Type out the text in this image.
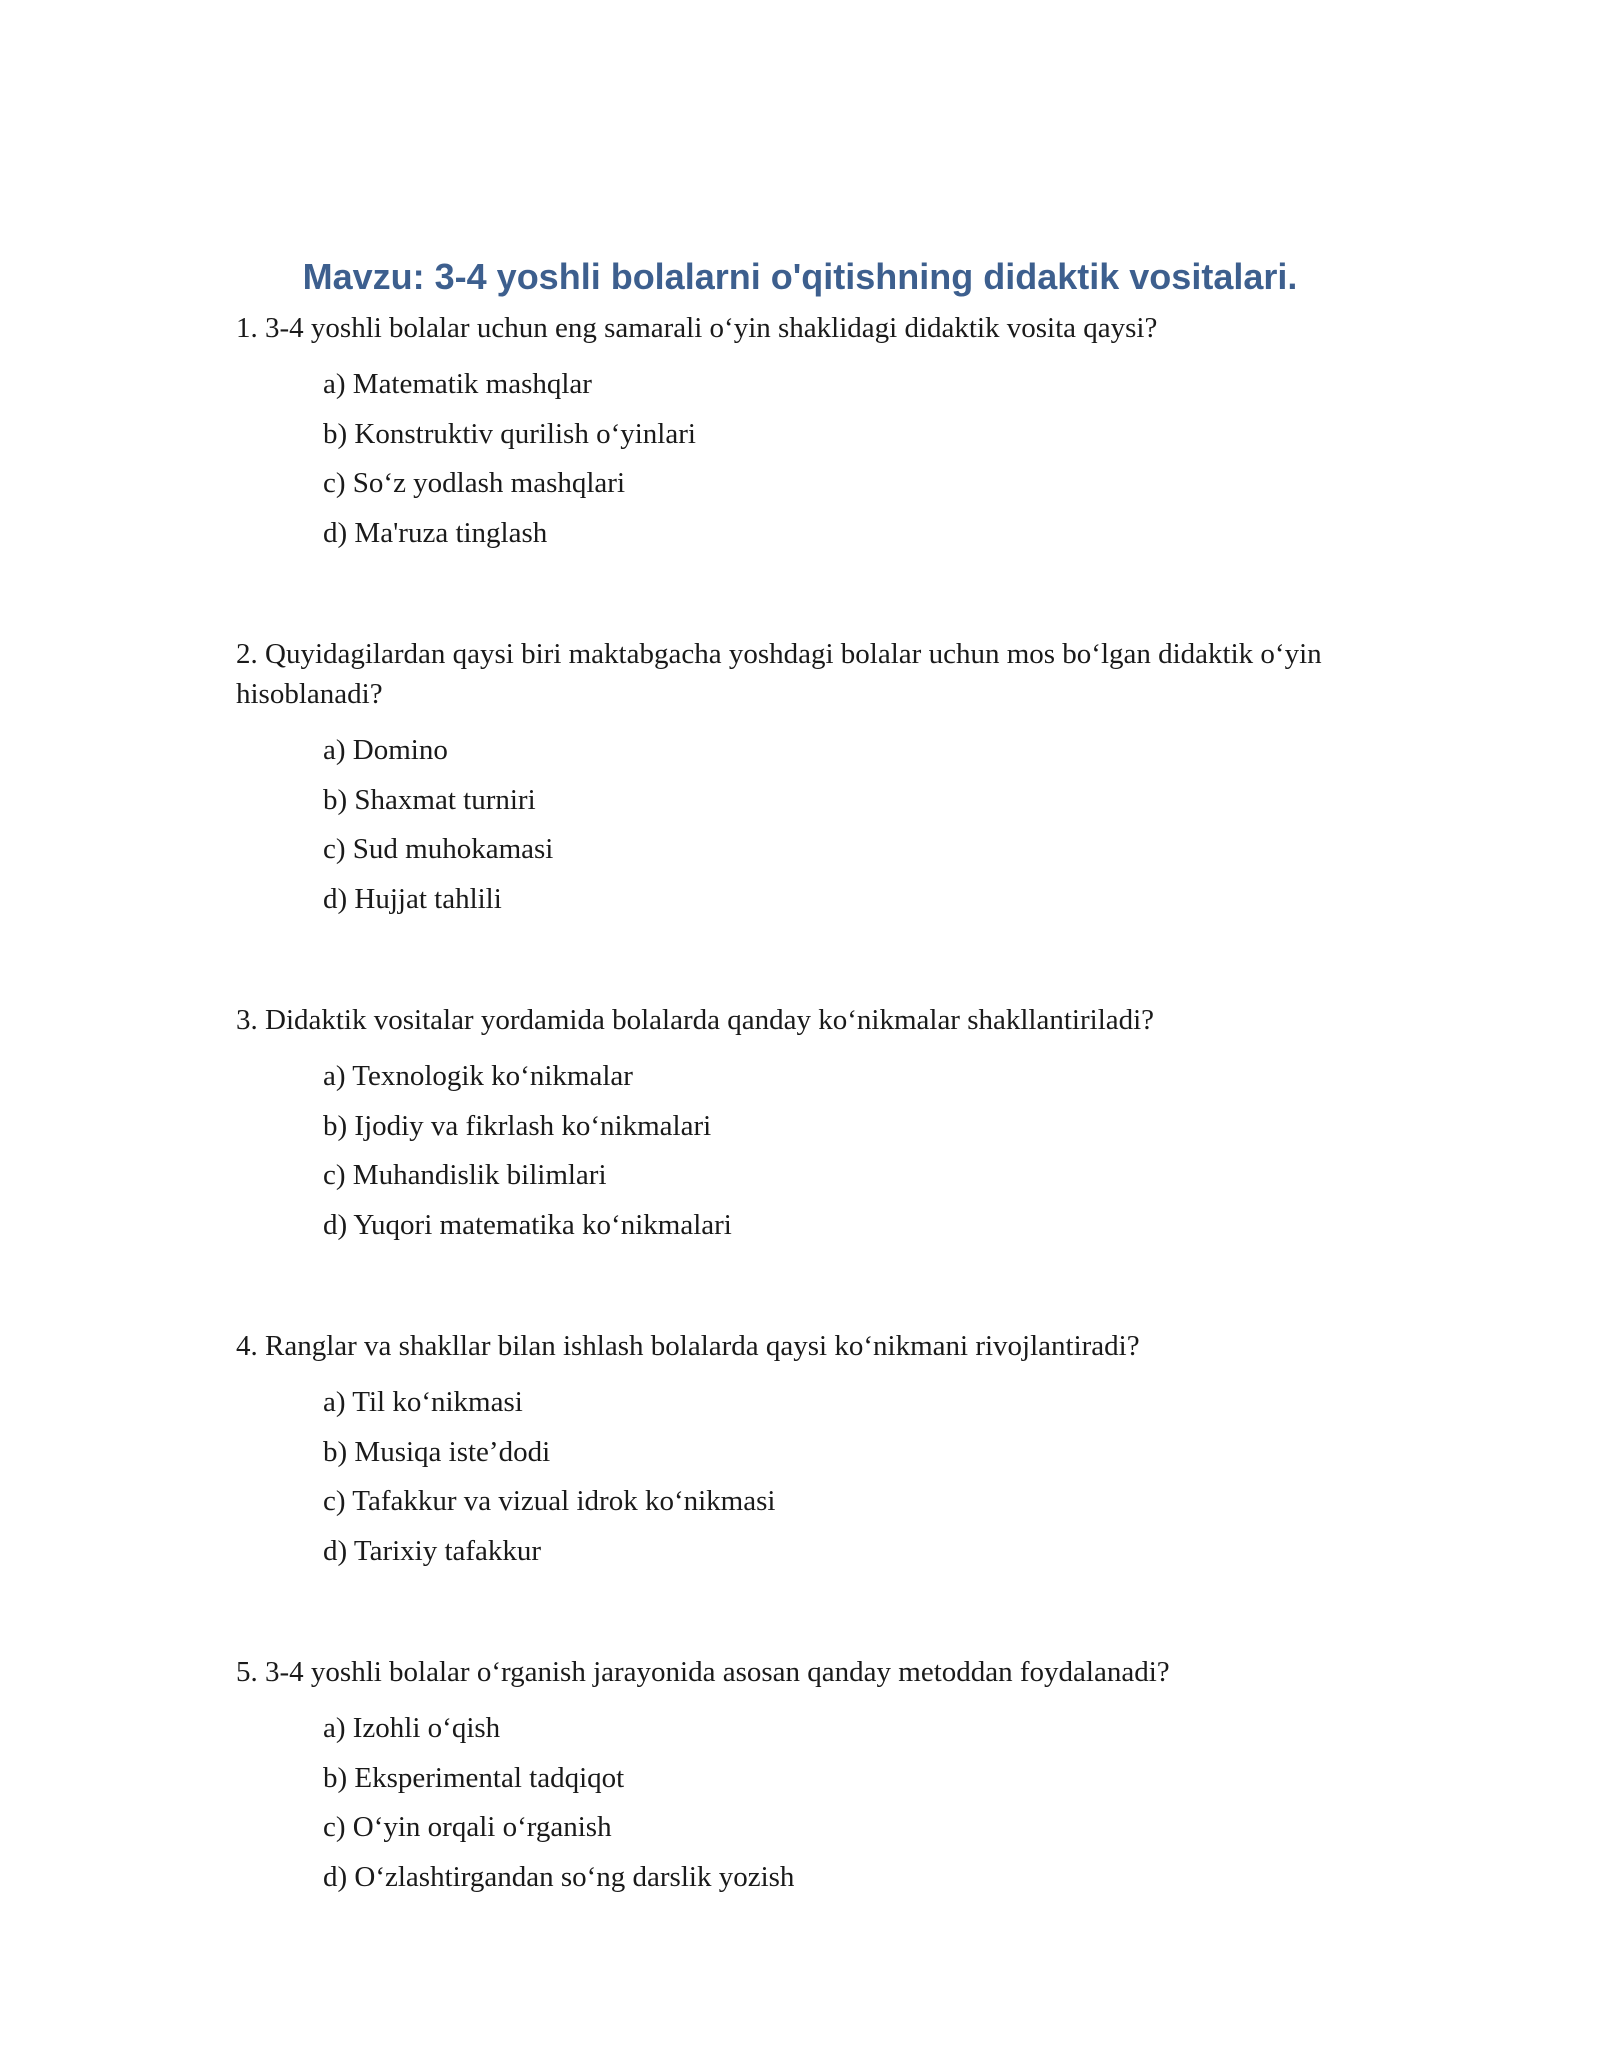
Mavzu: 3-4 yoshli bolalarni o'qitishning didaktik vositalari.

1. 3-4 yoshli bolalar uchun eng samarali o‘yin shaklidagi didaktik vosita qaysi?

a) Matematik mashqlar
b) Konstruktiv qurilish o‘yinlari
c) So‘z yodlash mashqlari
d) Ma'ruza tinglash

2. Quyidagilardan qaysi biri maktabgacha yoshdagi bolalar uchun mos bo‘lgan didaktik o‘yin hisoblanadi?

a) Domino
b) Shaxmat turniri
c) Sud muhokamasi
d) Hujjat tahlili

3. Didaktik vositalar yordamida bolalarda qanday ko‘nikmalar shakllantiriladi?

a) Texnologik ko‘nikmalar
b) Ijodiy va fikrlash ko‘nikmalari
c) Muhandislik bilimlari
d) Yuqori matematika ko‘nikmalari

4. Ranglar va shakllar bilan ishlash bolalarda qaysi ko‘nikmani rivojlantiradi?

a) Til ko‘nikmasi
b) Musiqa iste’dodi
c) Tafakkur va vizual idrok ko‘nikmasi
d) Tarixiy tafakkur

5. 3-4 yoshli bolalar o‘rganish jarayonida asosan qanday metoddan foydalanadi?

a) Izohli o‘qish
b) Eksperimental tadqiqot
c) O‘yin orqali o‘rganish
d) O‘zlashtirgandan so‘ng darslik yozish
